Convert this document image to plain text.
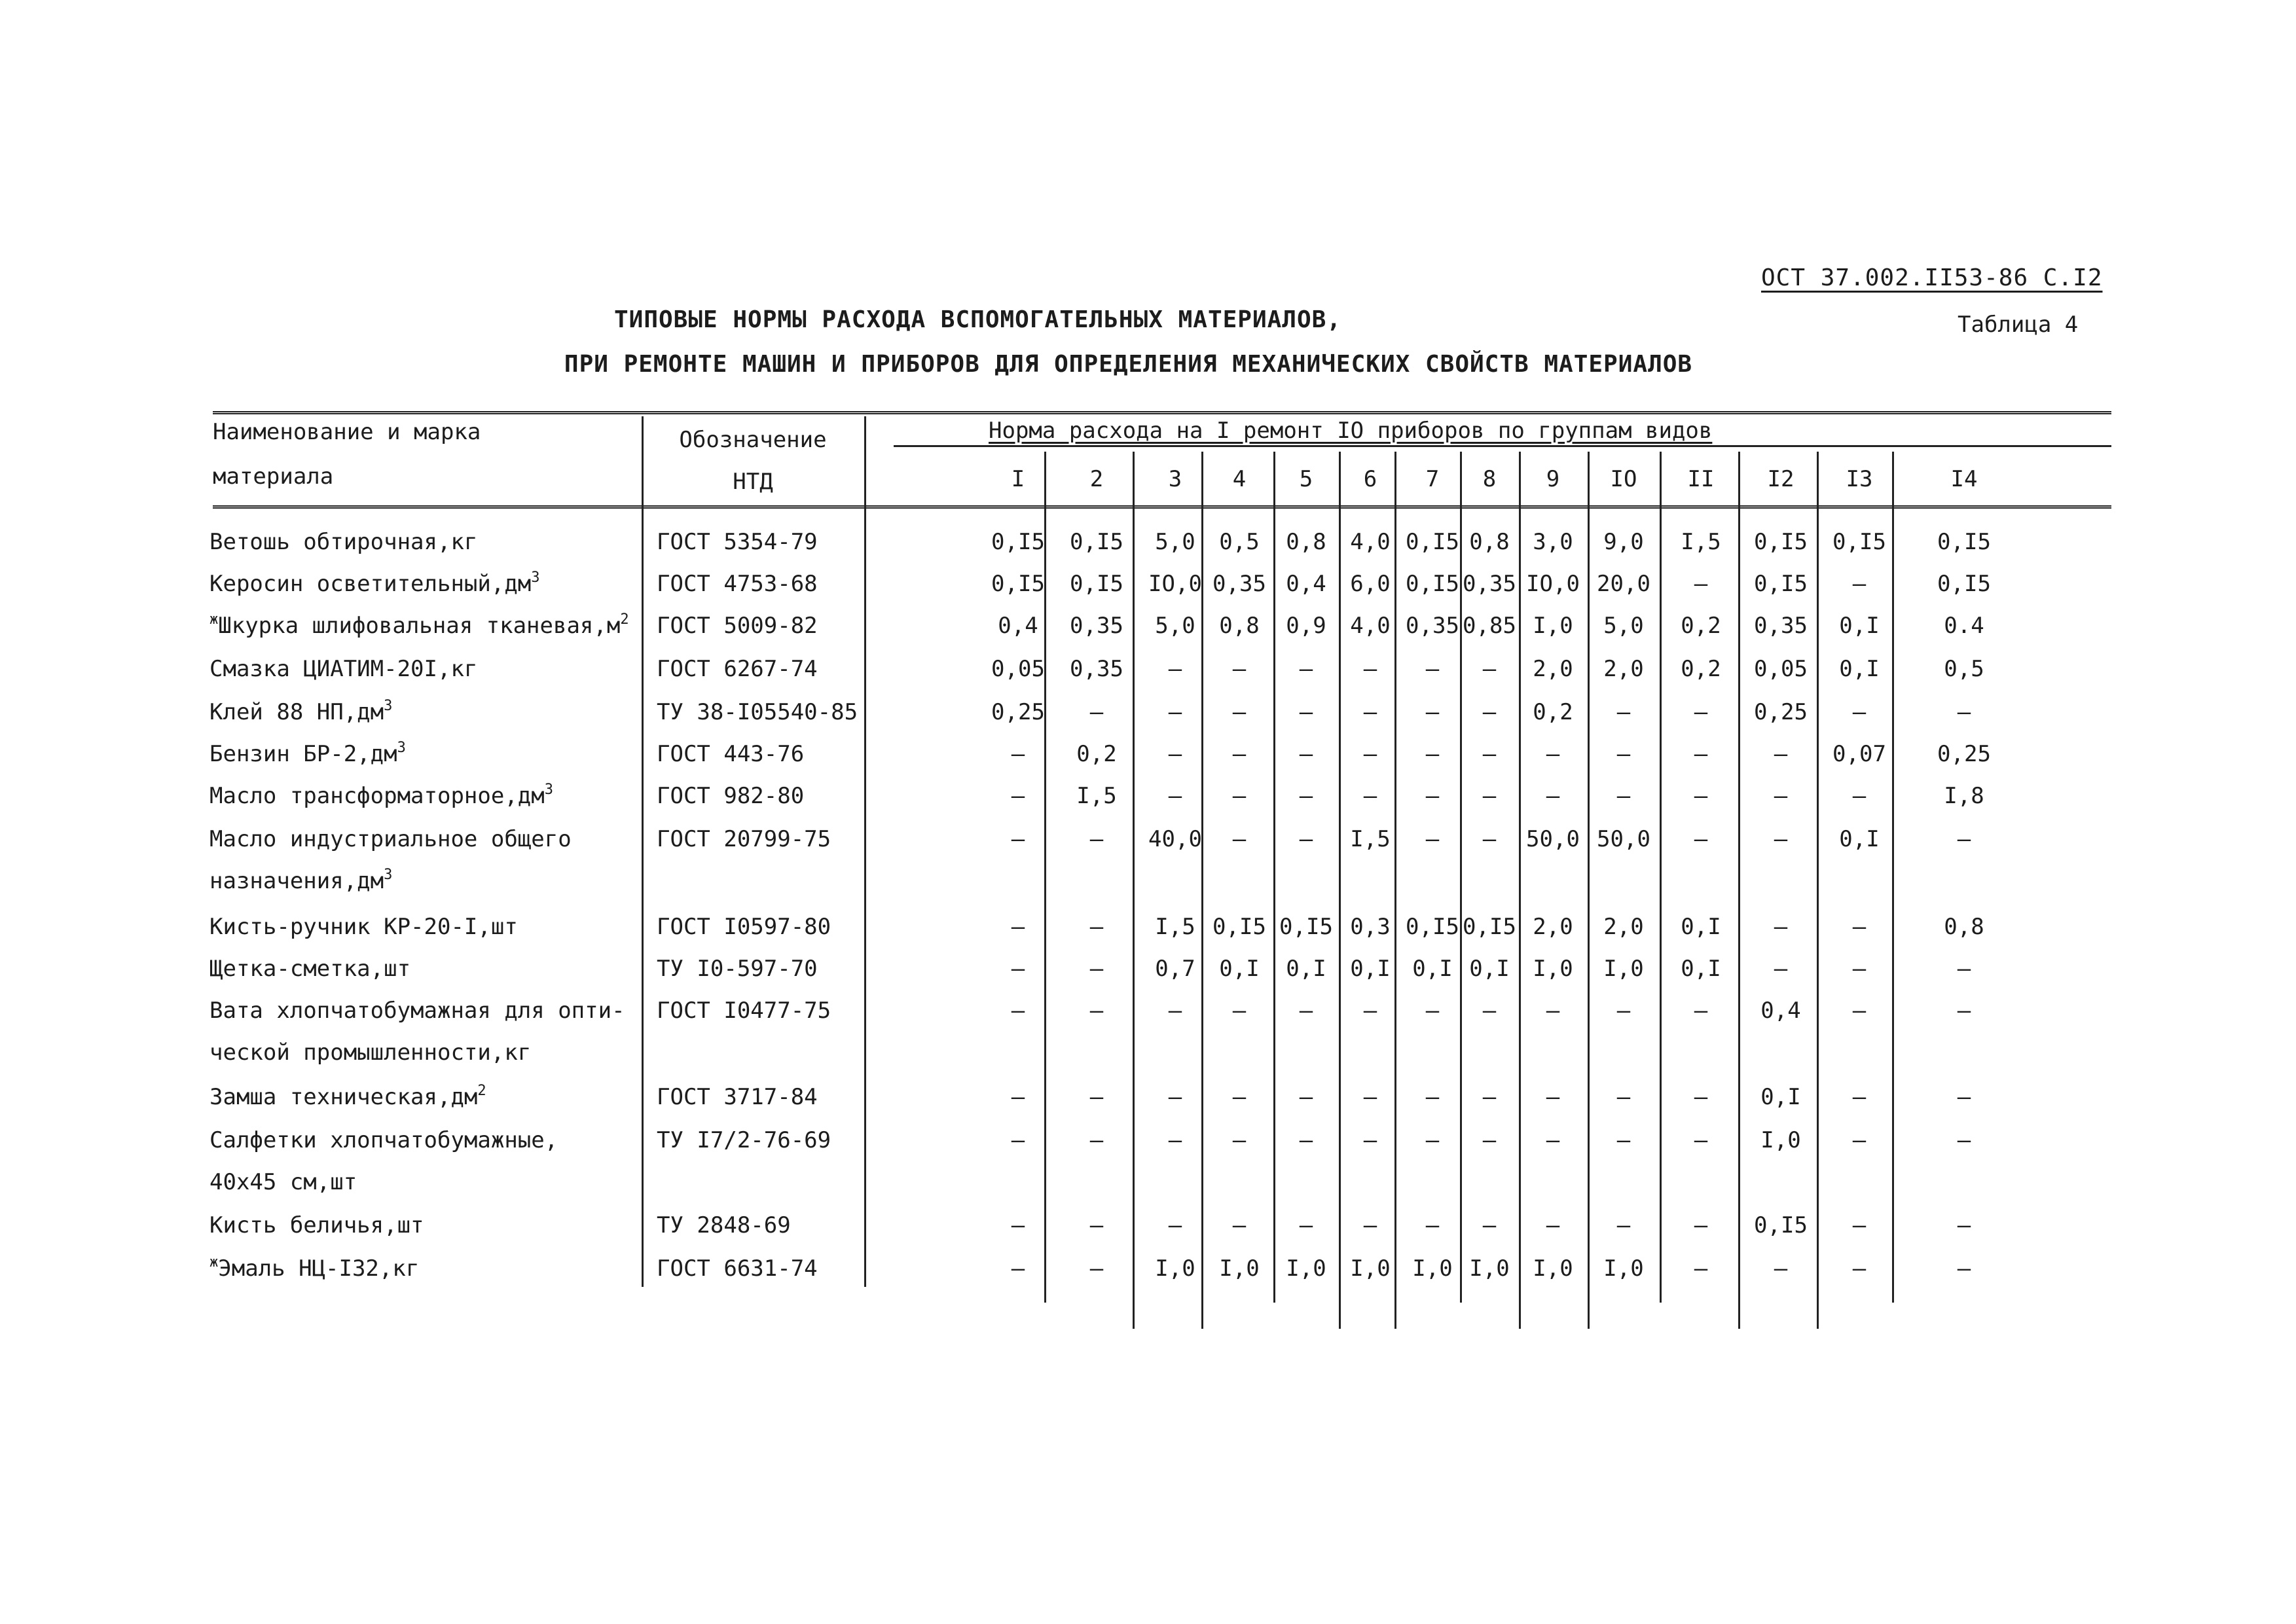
ОСТ 37.002.II53-86 С.I2
Таблица 4
ТИПОВЫЕ НОРМЫ РАСХОДА ВСПОМОГАТЕЛЬНЫХ МАТЕРИАЛОВ,
ПРИ РЕМОНТЕ МАШИН И ПРИБОРОВ ДЛЯ ОПРЕДЕЛЕНИЯ МЕХАНИЧЕСКИХ СВОЙСТВ МАТЕРИАЛОВ
Наименование и марка
материала
Обозначение
НТД
Норма расхода на I ремонт IO приборов по группам видов
I	2	3 4 5 6 7 8 9 IO II I2 I3	I4
Ветошь обтирочная,кг	ГОСТ 5354-79	0,I5 0,I5 5,0 0,5 0,8 4,0 0,I5 0,8 3,0 9,0 I,5 0,I5 0,I5 0,I5
Керосин $осветительный,дм^3$	ГОСТ 4753-68	0,I5 0,I5 IO,0 0,35 0,4 6,0 0,I5 0,35 IO,0 20,0 – 0,I5 –	0,I5
$^ж$Шкурка шлифовальная $тканевая,м^2$ ГОСТ 5009-82	0,4 0,35 5,0 0,8 0,9 4,0 0,35 0,85 I,0 5,0 0,2 0,35 0,I	0.4
Смазка ЦИАТИМ-20I,кг	ГОСТ 6267-74	0,05 0,35 – – – – – – 2,0 2,0 0,2 0,05 0,I	0,5
Клей 88 $НП,дм^3$	ТУ 38-I05540-85	0,25 –	– – – – – – 0,2 –	– 0,25 –	–
Бензин $БР-2,дм^3$	ГОСТ 443-76	– 0,2 – – – – – – –	–	–	– 0,07 0,25
Масло $трансформаторное,дм^3$	ГОСТ 982-80	– I,5 – – – – – – –	–	–	–	–	I,8
Масло индустриальное общего
$назначения,дм^3$
ГОСТ 20799-75	–	– 40,0 – – I,5 – – 50,0 50,0 –	– 0,I	–
Кисть-ручник КР-20-I,шт	ГОСТ I0597-80	–	– I,5 0,I5 0,I5 0,3 0,I5 0,I5 2,0 2,0 0,I –	–	0,8
Щетка-сметка,шт	ТУ I0-597-70	–	– 0,7 0,I 0,I 0,I 0,I 0,I I,0 I,0 0,I –	–	–
Вата хлопчатобумажная для опти-
ческой промышленности,кг
ГОСТ I0477-75	–	–	– – – – – – –	–	– 0,4 –	–
Замша $техническая,дм^2$	ГОСТ 3717-84	–	–	– – – – – – –	–	– 0,I –	–
Салфетки хлопчатобумажные,
40х45 см,шт
ТУ I7/2-76-69	–	–	– – – – – – –	–	– I,0 –	–
Кисть беличья,шт	ТУ 2848-69	–	–	– – – – – – –	–	– 0,I5 –	–
$^ж$Эмаль НЦ-I32,кг	ГОСТ 6631-74	–	– I,0 I,0 I,0 I,0 I,0 I,0 I,0 I,0 –	–	–	–
